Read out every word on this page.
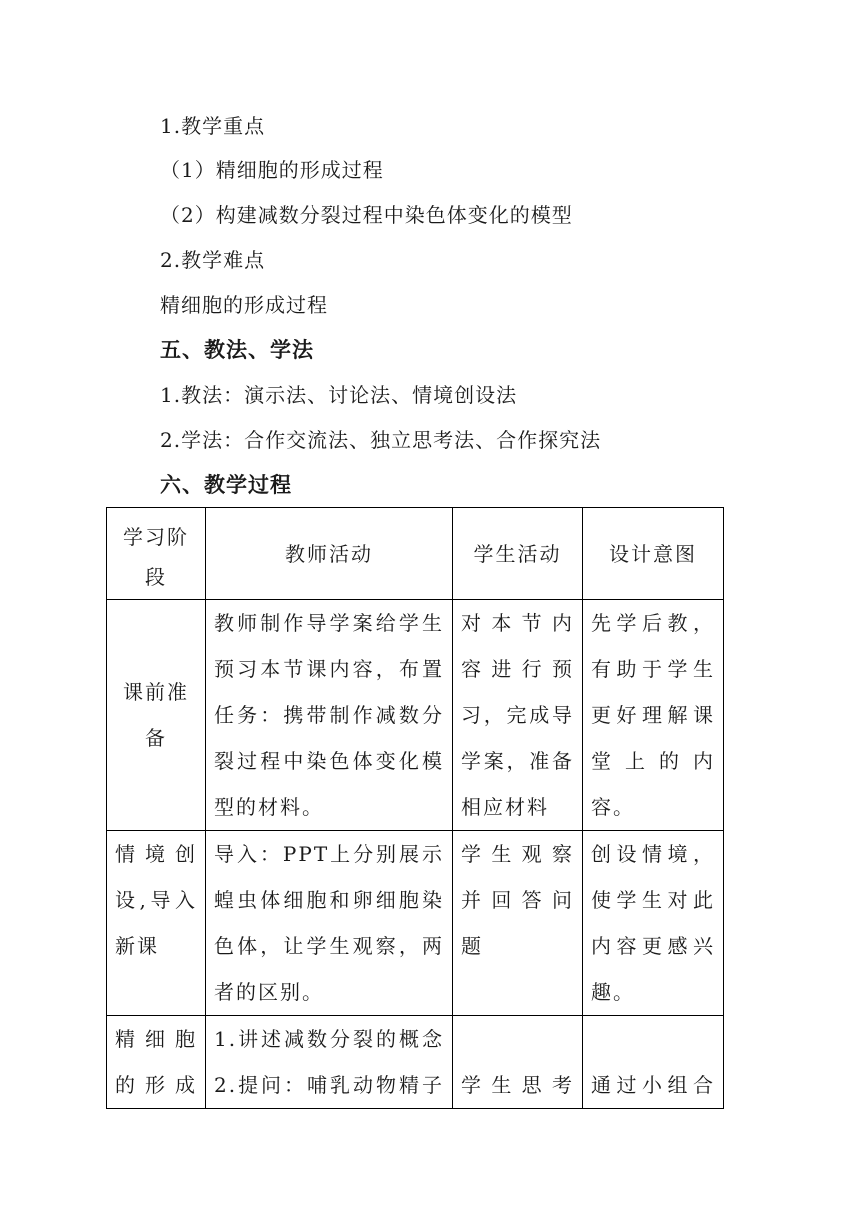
1.教学重点
（1）精细胞的形成过程
（2）构建减数分裂过程中染色体变化的模型
2.教学难点
精细胞的形成过程
五、教法、学法
1.教法：演示法、讨论法、情境创设法
2.学法：合作交流法、独立思考法、合作探究法
六、教学过程
学习阶
段	教师活动	学生活动	设计意图

课前准
备	教师制作导学案给学生
预习本节课内容，布置
任务：携带制作减数分
裂过程中染色体变化模
型的材料。	对本节内
容进行预
习，完成导
学案，准备
相应材料	先学后教，
有助于学生
更好理解课
堂上的内
容。

情境创
设,导入
新课	导入：PPT上分别展示
蝗虫体细胞和卵细胞染
色体，让学生观察，两
者的区别。	学生观察
并回答问
题	创设情境，
使学生对此
内容更感兴
趣。

精细胞
的形成	1.讲述减数分裂的概念
2.提问：哺乳动物精子	学生思考	通过小组合
